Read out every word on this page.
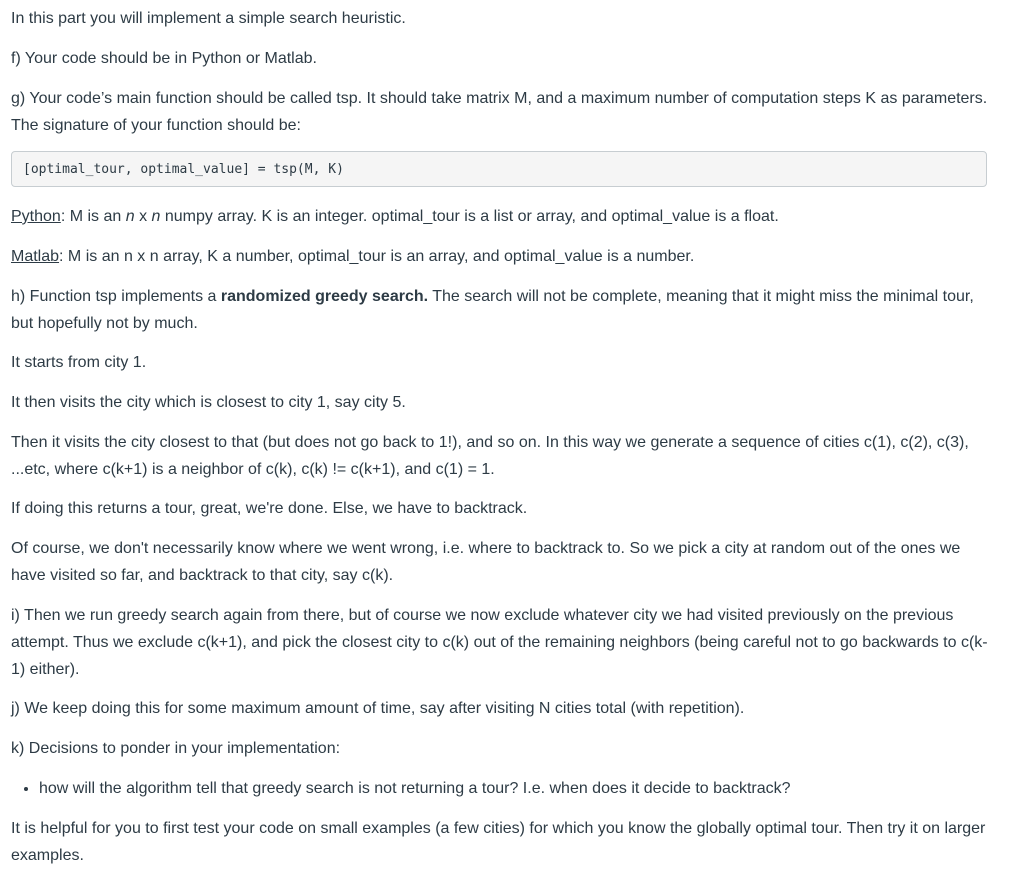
In this part you will implement a simple search heuristic.

f) Your code should be in Python or Matlab.

g) Your code’s main function should be called tsp. It should take matrix M, and a maximum number of computation steps K as parameters. The signature of your function should be:

[optimal_tour, optimal_value] = tsp(M, K)

Python: M is an n x n numpy array. K is an integer. optimal_tour is a list or array, and optimal_value is a float.

Matlab: M is an n x n array, K a number, optimal_tour is an array, and optimal_value is a number.

h) Function tsp implements a randomized greedy search. The search will not be complete, meaning that it might miss the minimal tour, but hopefully not by much.

It starts from city 1.

It then visits the city which is closest to city 1, say city 5.

Then it visits the city closest to that (but does not go back to 1!), and so on. In this way we generate a sequence of cities c(1), c(2), c(3), ...etc, where c(k+1) is a neighbor of c(k), c(k) != c(k+1), and c(1) = 1.

If doing this returns a tour, great, we're done. Else, we have to backtrack.

Of course, we don't necessarily know where we went wrong, i.e. where to backtrack to. So we pick a city at random out of the ones we have visited so far, and backtrack to that city, say c(k).

i) Then we run greedy search again from there, but of course we now exclude whatever city we had visited previously on the previous attempt. Thus we exclude c(k+1), and pick the closest city to c(k) out of the remaining neighbors (being careful not to go backwards to c(k-1) either).

j) We keep doing this for some maximum amount of time, say after visiting N cities total (with repetition).

k) Decisions to ponder in your implementation:

• how will the algorithm tell that greedy search is not returning a tour? I.e. when does it decide to backtrack?

It is helpful for you to first test your code on small examples (a few cities) for which you know the globally optimal tour. Then try it on larger examples.
